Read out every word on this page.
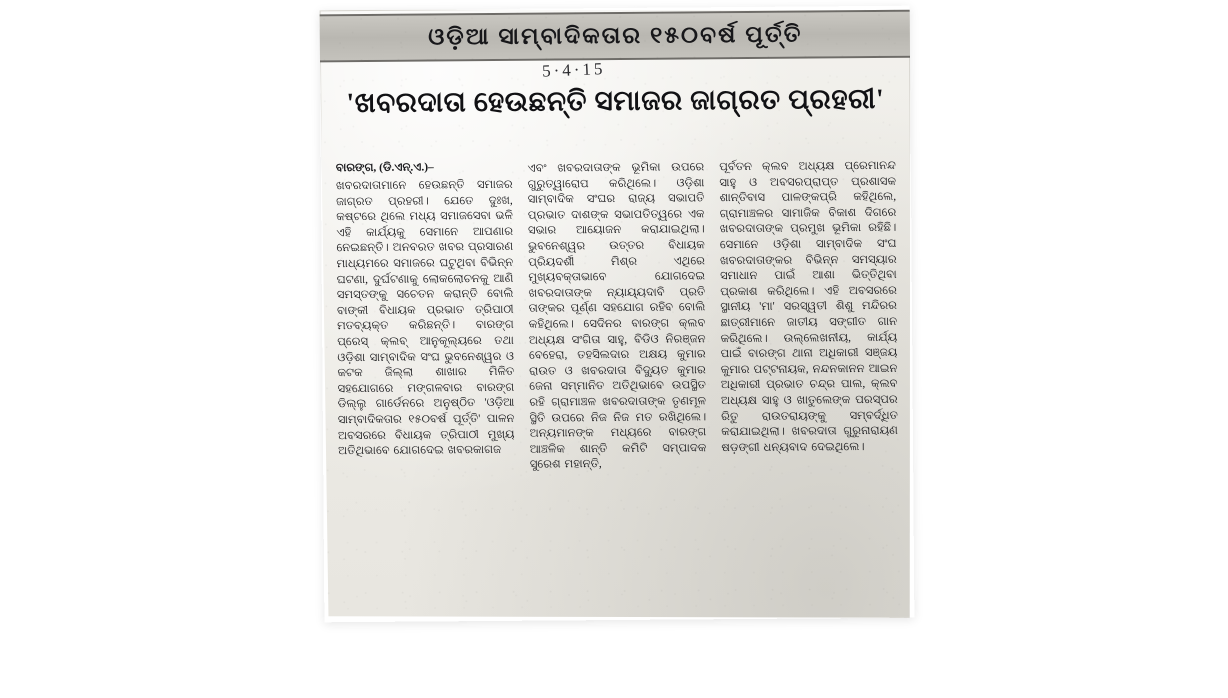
ଓଡ଼ିଆ ସାମ୍ବାଦିକତାର ୧୫୦ବର୍ଷ ପୂର୍ତ୍ତି
5·4·15
'ଖବରଦାତା ହେଉଛନ୍ତି ସମାଜର ଜାଗ୍ରତ ପ୍ରହରୀ'
ବାରଙ୍ଗ, (ଡି.ଏନ୍.ଏ.)–
ଖବରଦାତାମାନେ ହେଉଛନ୍ତି ସମାଜର ଜାଗ୍ରତ ପ୍ରହରୀ। ଯେତେ ଦୁଃଖ, କଷ୍ଟରେ ଥିଲେ ମଧ୍ୟ ସମାଜସେବା ଭଳି ଏହି କାର୍ଯ୍ୟକୁ ସେମାନେ ଆପଣାର ନେଇଛନ୍ତି। ଅନବରତ ଖବର ପ୍ରସାରଣ ମାଧ୍ୟମରେ ସମାଜରେ ଘଟୁଥିବା ବିଭିନ୍ନ ଘଟଣା, ଦୁର୍ଘଟଣାକୁ ଲୋକଲୋଚନକୁ ଆଣି ସମସ୍ତଙ୍କୁ ସଚେତନ କରାନ୍ତି ବୋଲି ବାଙ୍କୀ ବିଧାୟକ ପ୍ରଭାତ ତ୍ରିପାଠୀ ମତବ୍ୟକ୍ତ କରିଛନ୍ତି। ବାରଙ୍ଗ ପ୍ରେସ୍ କ୍ଲବ୍ ଆନୁକୂଲ୍ୟରେ ତଥା ଓଡ଼ିଶା ସାମ୍ବାଦିକ ସଂଘ ଭୁବନେଶ୍ୱର ଓ କଟକ ଜିଲ୍ଲା ଶାଖାର ମିଳିତ ସହଯୋଗରେ ମଙ୍ଗଳବାର ବାରଙ୍ଗ ଡିଲ୍ଲୁ ଗାର୍ଡେନରେ ଅନୁଷ୍ଠିତ 'ଓଡ଼ିଆ ସାମ୍ବାଦିକତାର ୧୫୦ବର୍ଷ ପୂର୍ତ୍ତି' ପାଳନ ଅବସରରେ ବିଧାୟକ ତ୍ରିପାଠୀ ମୁଖ୍ୟ ଅତିଥିଭାବେ ଯୋଗଦେଇ ଖବରକାଗଜ
ଏବଂ ଖବରଦାତାଙ୍କ ଭୂମିକା ଉପରେ ଗୁରୁତ୍ୱାରୋପ କରିଥିଲେ। ଓଡ଼ିଶା ସାମ୍ବାଦିକ ସଂଘର ରାଜ୍ୟ ସଭାପତି ପ୍ରଭାତ ଦାଶଙ୍କ ସଭାପତିତ୍ୱରେ ଏକ ସଭାର ଆୟୋଜନ କରାଯାଇଥିଲା। ଭୁବନେଶ୍ୱର ଉତ୍ତର ବିଧାୟକ ପ୍ରିୟଦର୍ଶୀ ମିଶ୍ର ଏଥିରେ ମୁଖ୍ୟବକ୍ତାଭାବେ ଯୋଗଦେଇ ଖବରଦାତାଙ୍କ ନ୍ୟାୟ୍ୟଦାବି ପ୍ରତି ତାଙ୍କର ପୂର୍ଣ୍ଣ ସହଯୋଗ ରହିବ ବୋଲି କହିଥିଲେ। ସେଦିନର ବାରଙ୍ଗ କ୍ଲବ ଅଧ୍ୟକ୍ଷ ସଂଗିତା ସାହୁ, ବିଡିଓ ନିରଞ୍ଜନ ବେହେରା, ତହସିଲଦାର ଅକ୍ଷୟ କୁମାର ରାଉତ ଓ ଖବରଦାତା ବିଦ୍ୟୁତ କୁମାର ଜେନା ସମ୍ମାନିତ ଅତିଥିଭାବେ ଉପସ୍ଥିତ ରହି ଗ୍ରାମାଞ୍ଚଳ ଖବରଦାତାଙ୍କ ତୃଣମୂଳ ସ୍ଥିତି ଉପରେ ନିଜ ନିଜ ମତ ରଖିଥିଲେ। ଅନ୍ୟମାନଙ୍କ ମଧ୍ୟରେ ବାରଙ୍ଗ ଆଞ୍ଚଳିକ ଶାନ୍ତି କମିଟି ସମ୍ପାଦକ ସୁରେଶ ମହାନ୍ତି,
ପୂର୍ବତନ କ୍ଲବ ଅଧ୍ୟକ୍ଷ ପ୍ରେମାନନ୍ଦ ସାହୁ ଓ ଅବସରପ୍ରାପ୍ତ ପ୍ରଶାସକ ଶାନ୍ତିବାସ ପାଳଙ୍କପ୍ରି କହିଥିଲେ, ଗ୍ରାମାଞ୍ଚଳର ସାମାଜିକ ବିକାଶ ଦିଗରେ ଖବରଦାତାଙ୍କ ପ୍ରମୁଖ ଭୂମିକା ରହିଛି। ସେମାନେ ଓଡ଼ିଶା ସାମ୍ବାଦିକ ସଂଘ ଖବରଦାତାଙ୍କର ବିଭିନ୍ନ ସମସ୍ୟାର ସମାଧାନ ପାଇଁ ଆଶା ଭିତ୍ତିଥିବା ପ୍ରକାଶ କରିଥିଲେ। ଏହି ଅବସରରେ ସ୍ଥାନୀୟ 'ମା' ସରସ୍ୱତୀ ଶିଶୁ ମନ୍ଦିରର ଛାତ୍ରୀମାନେ ଜାତୀୟ ସଙ୍ଗୀତ ଗାନ କରିଥିଲେ। ଉଲ୍ଲେଖନୀୟ, କାର୍ଯ୍ୟ ପାଇଁ ବାରଙ୍ଗ ଥାନା ଅଧିକାରୀ ସଞ୍ଜୟ କୁମାର ପଟ୍ଟନାୟକ, ନନ୍ଦନକାନନ ଆଇନ ଅଧିକାରୀ ପ୍ରଭାତ ଚନ୍ଦ୍ର ପାଲ, କ୍ଲବ ଅଧ୍ୟକ୍ଷ ସାହୁ ଓ ଖାତୁଲେଙ୍କ ପରସ୍ପର ରିତୁ ରାଉତରାୟଙ୍କୁ ସମ୍ବର୍ଦ୍ଧିତ କରାଯାଇଥିଲା। ଖବରଦାତା ଗୁରୁନାରାୟଣ ଷଡ଼ଙ୍ଗୀ ଧନ୍ୟବାଦ ଦେଇଥିଲେ।
